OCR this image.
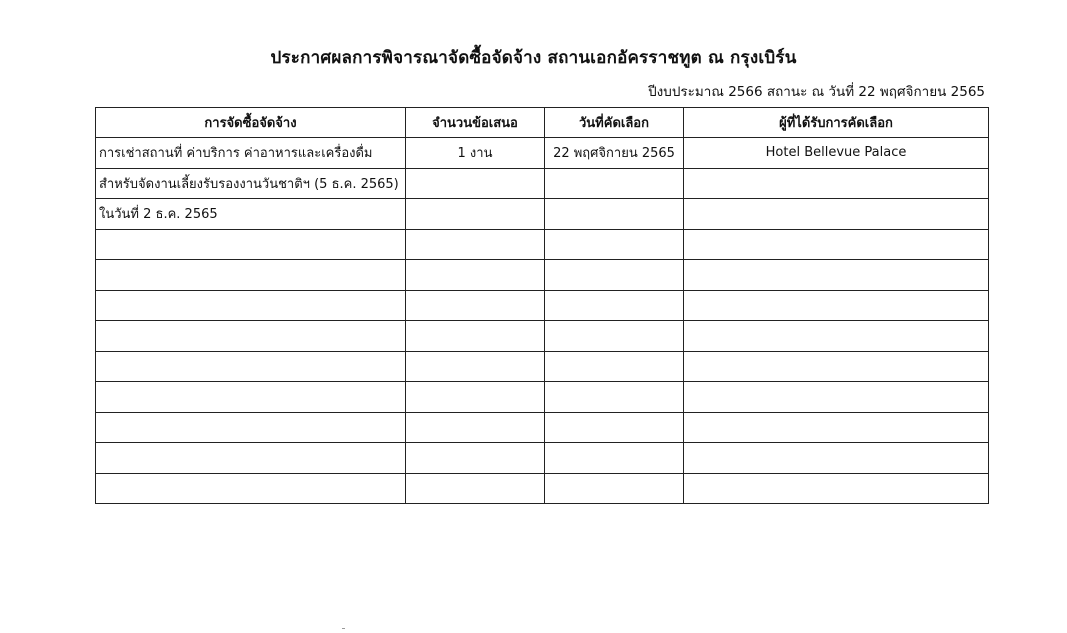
ประกาศผลการพิจารณาจัดซื้อจัดจ้าง สถานเอกอัครราชทูต ณ กรุงเบิร์น
ปีงบประมาณ 2566 สถานะ ณ วันที่ 22 พฤศจิกายน 2565
การจัดซื้อจัดจ้าง	จำนวนข้อเสนอ	วันที่คัดเลือก	ผู้ที่ได้รับการคัดเลือก
การเช่าสถานที่ ค่าบริการ ค่าอาหารและเครื่องดื่ม	1 งาน	22 พฤศจิกายน 2565	Hotel Bellevue Palace
สำหรับจัดงานเลี้ยงรับรองงานวันชาติฯ (5 ธ.ค. 2565)			
ในวันที่ 2 ธ.ค. 2565			
